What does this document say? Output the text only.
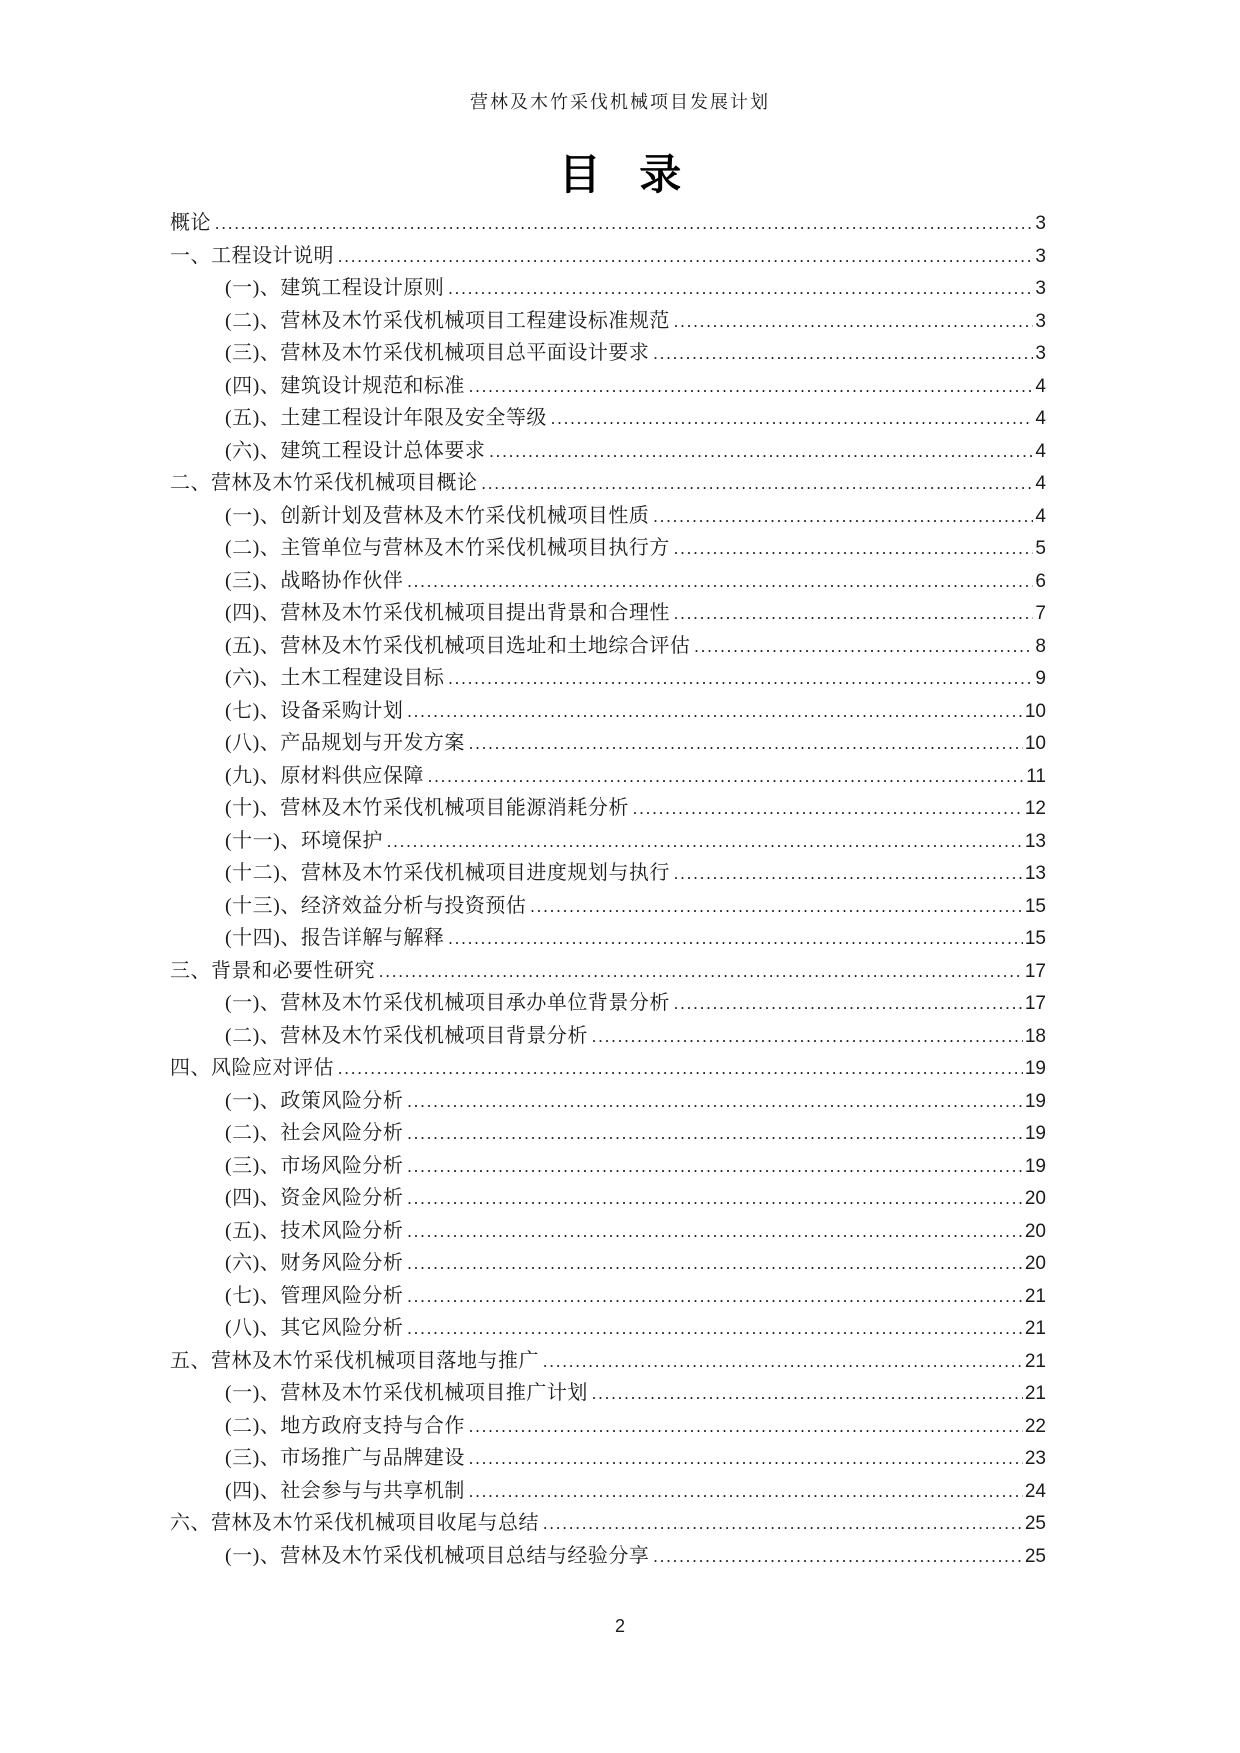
营林及木竹采伐机械项目发展计划
目 录
概论 . . .	3
一、工程设计说明 . . .	3
(一)、建筑工程设计原则 . . .	3
(二)、营林及木竹采伐机械项目工程建设标准规范 . . .	3
(三)、营林及木竹采伐机械项目总平面设计要求 . . .	3
(四)、建筑设计规范和标准 . . .	4
(五)、土建工程设计年限及安全等级 . . .	4
(六)、建筑工程设计总体要求 . . .	4
二、营林及木竹采伐机械项目概论 . . .	4
(一)、创新计划及营林及木竹采伐机械项目性质 . . .	4
(二)、主管单位与营林及木竹采伐机械项目执行方 . . .	5
(三)、战略协作伙伴 . . .	6
(四)、营林及木竹采伐机械项目提出背景和合理性 . . .	7
(五)、营林及木竹采伐机械项目选址和土地综合评估 . . .	8
(六)、土木工程建设目标 . . .	9
(七)、设备采购计划 . . .	10
(八)、产品规划与开发方案 . . .	10
(九)、原材料供应保障 . . .	11
(十)、营林及木竹采伐机械项目能源消耗分析 . . .	12
(十一)、环境保护 . . .	13
(十二)、营林及木竹采伐机械项目进度规划与执行 . . .	13
(十三)、经济效益分析与投资预估 . . .	15
(十四)、报告详解与解释 . . .	15
三、背景和必要性研究 . . .	17
(一)、营林及木竹采伐机械项目承办单位背景分析 . . .	17
(二)、营林及木竹采伐机械项目背景分析 . . .	18
四、风险应对评估 . . .	19
(一)、政策风险分析 . . .	19
(二)、社会风险分析 . . .	19
(三)、市场风险分析 . . .	19
(四)、资金风险分析 . . .	20
(五)、技术风险分析 . . .	20
(六)、财务风险分析 . . .	20
(七)、管理风险分析 . . .	21
(八)、其它风险分析 . . .	21
五、营林及木竹采伐机械项目落地与推广 . . .	21
(一)、营林及木竹采伐机械项目推广计划 . . .	21
(二)、地方政府支持与合作 . . .	22
(三)、市场推广与品牌建设 . . .	23
(四)、社会参与与共享机制 . . .	24
六、营林及木竹采伐机械项目收尾与总结 . . .	25
(一)、营林及木竹采伐机械项目总结与经验分享 . . .	25
2
